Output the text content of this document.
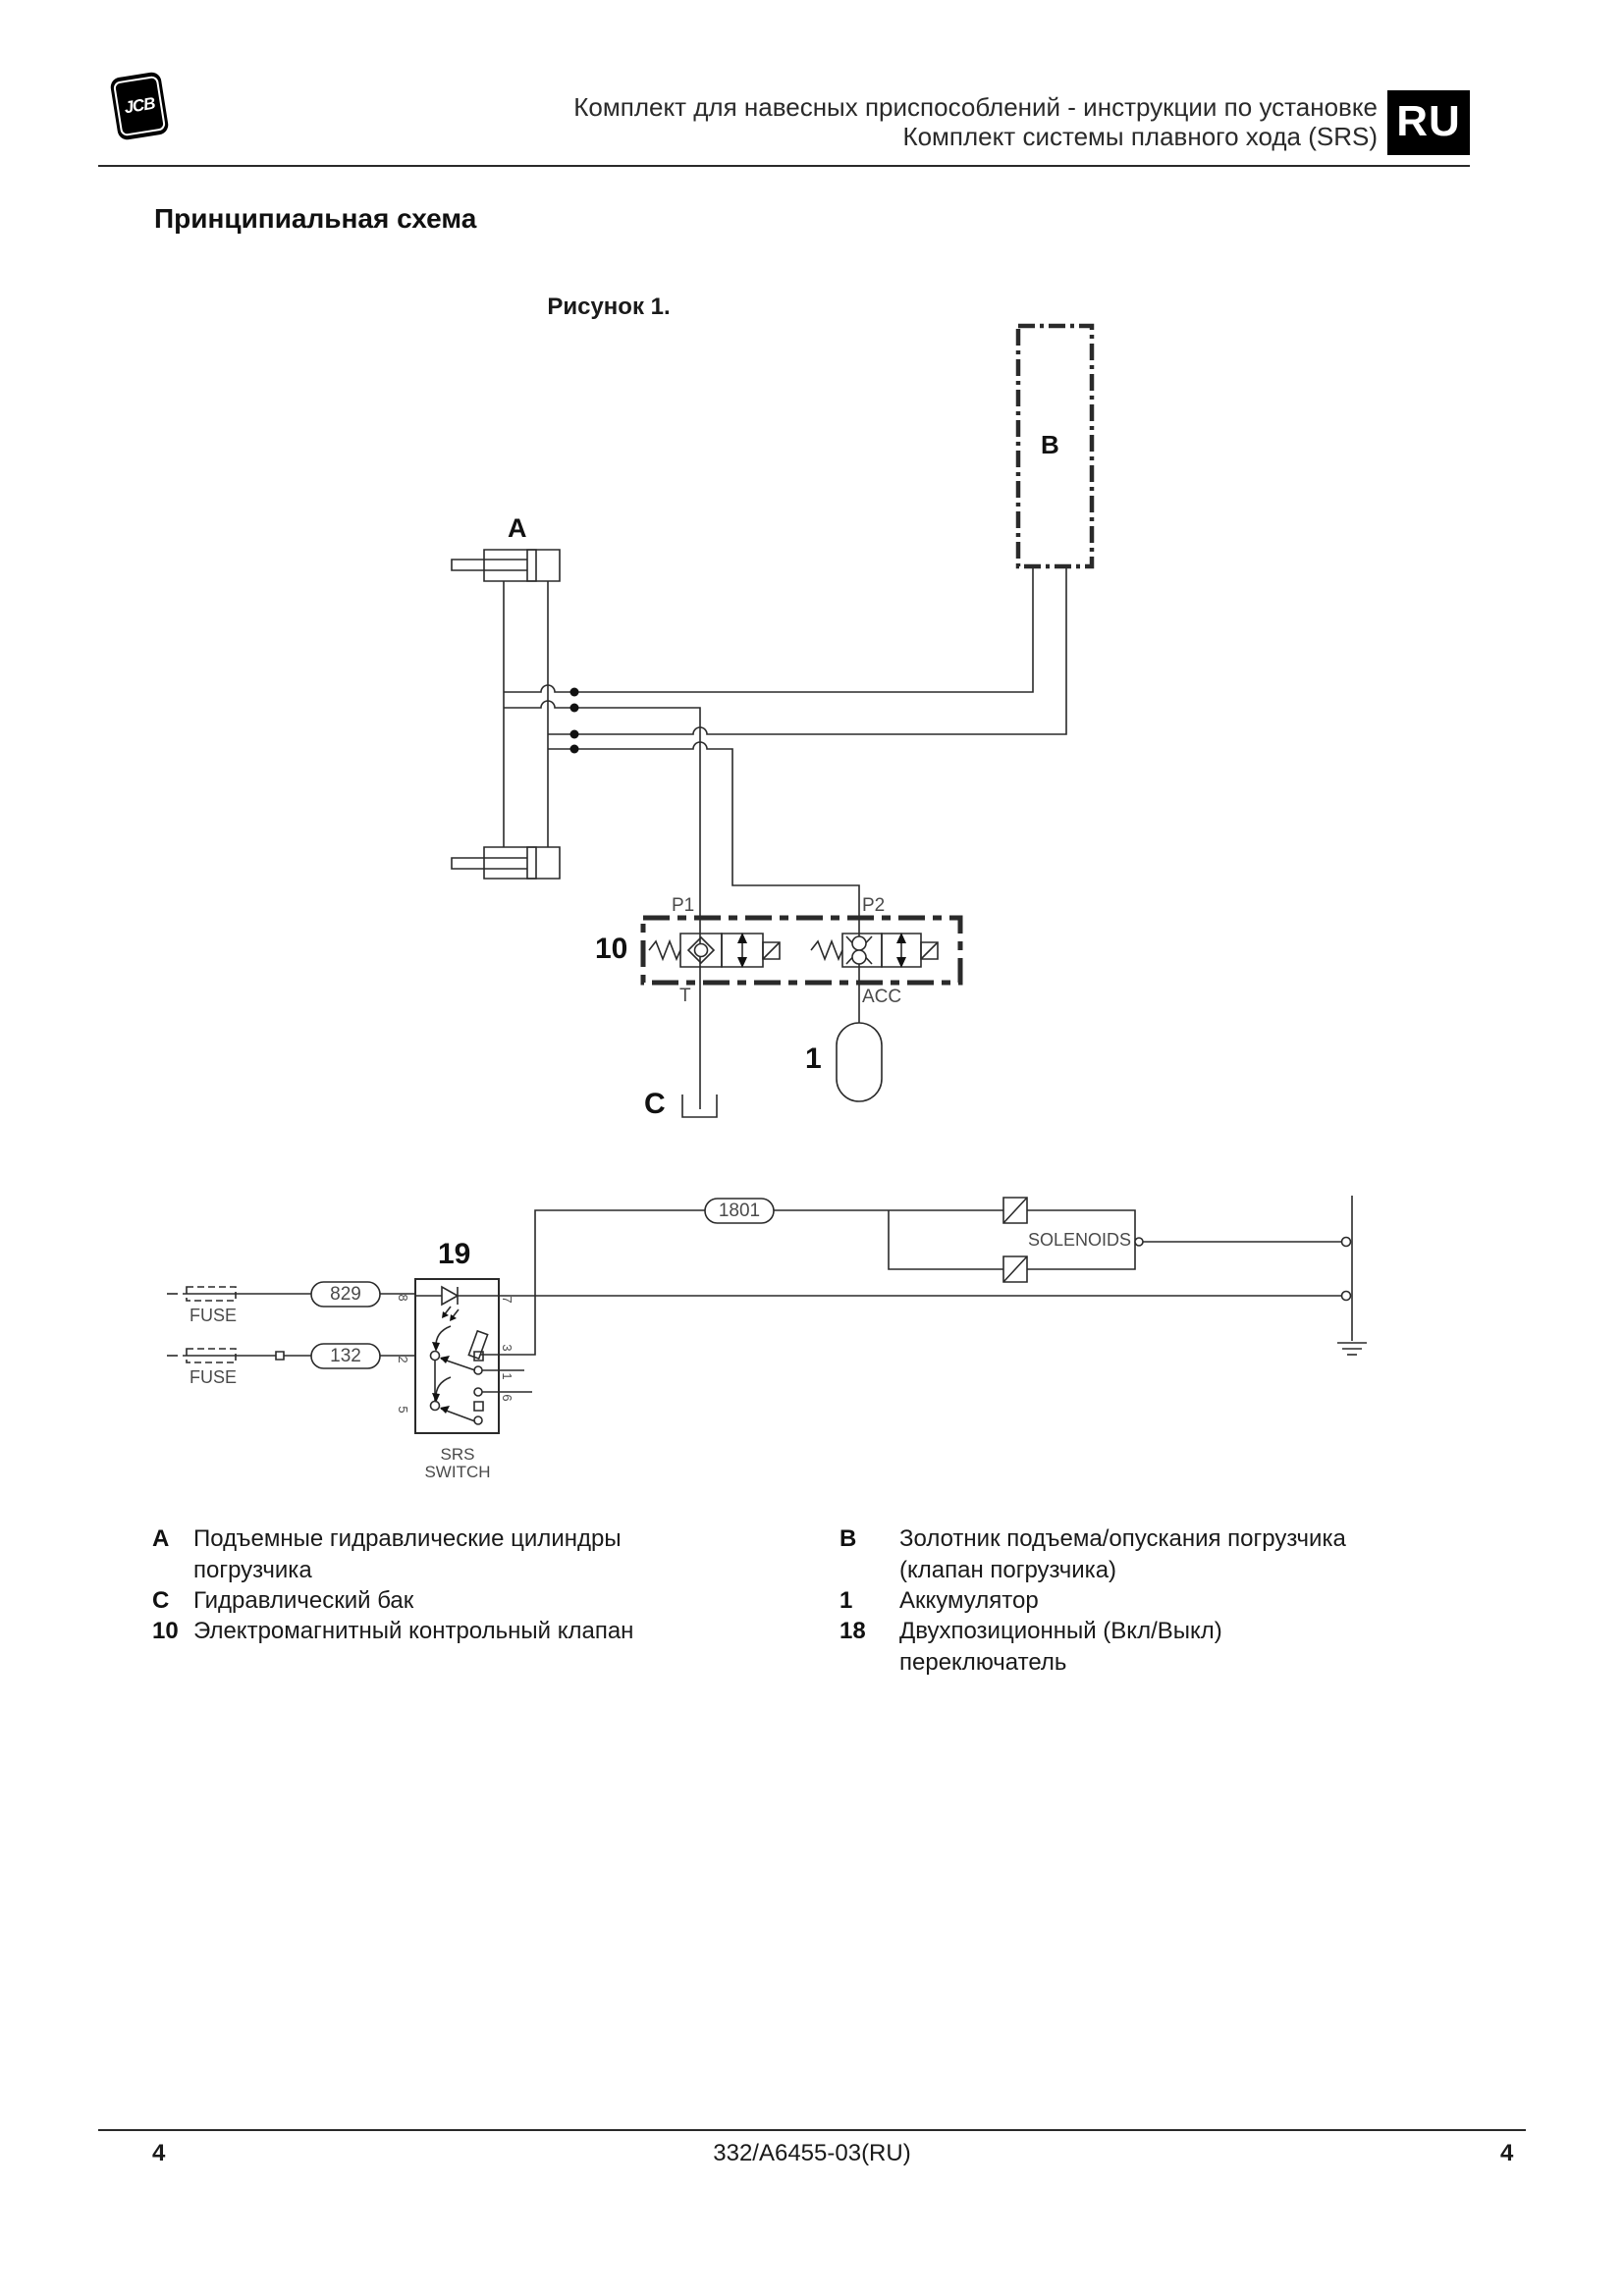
JCB	Комплект для навесных приспособлений - инструкции по установке
Комплект системы плавного хода (SRS) RU
Принципиальная схема
Рисунок 1.
A
B
C
1
10
19
P1	P2
T	ACC
1801
829
132
FUSE
FUSE
SOLENOIDS
SRS
SWITCH
8
2
5
7
3
1
6
A Подъемные гидравлические цилиндры
погрузчика
C Гидравлический бак
10 Электромагнитный контрольный клапан
B Золотник подъема/опускания погрузчика
(клапан погрузчика)
1 Аккумулятор
18 Двухпозиционный (Вкл/Выкл)
переключатель
4	332/A6455-03(RU)	4
